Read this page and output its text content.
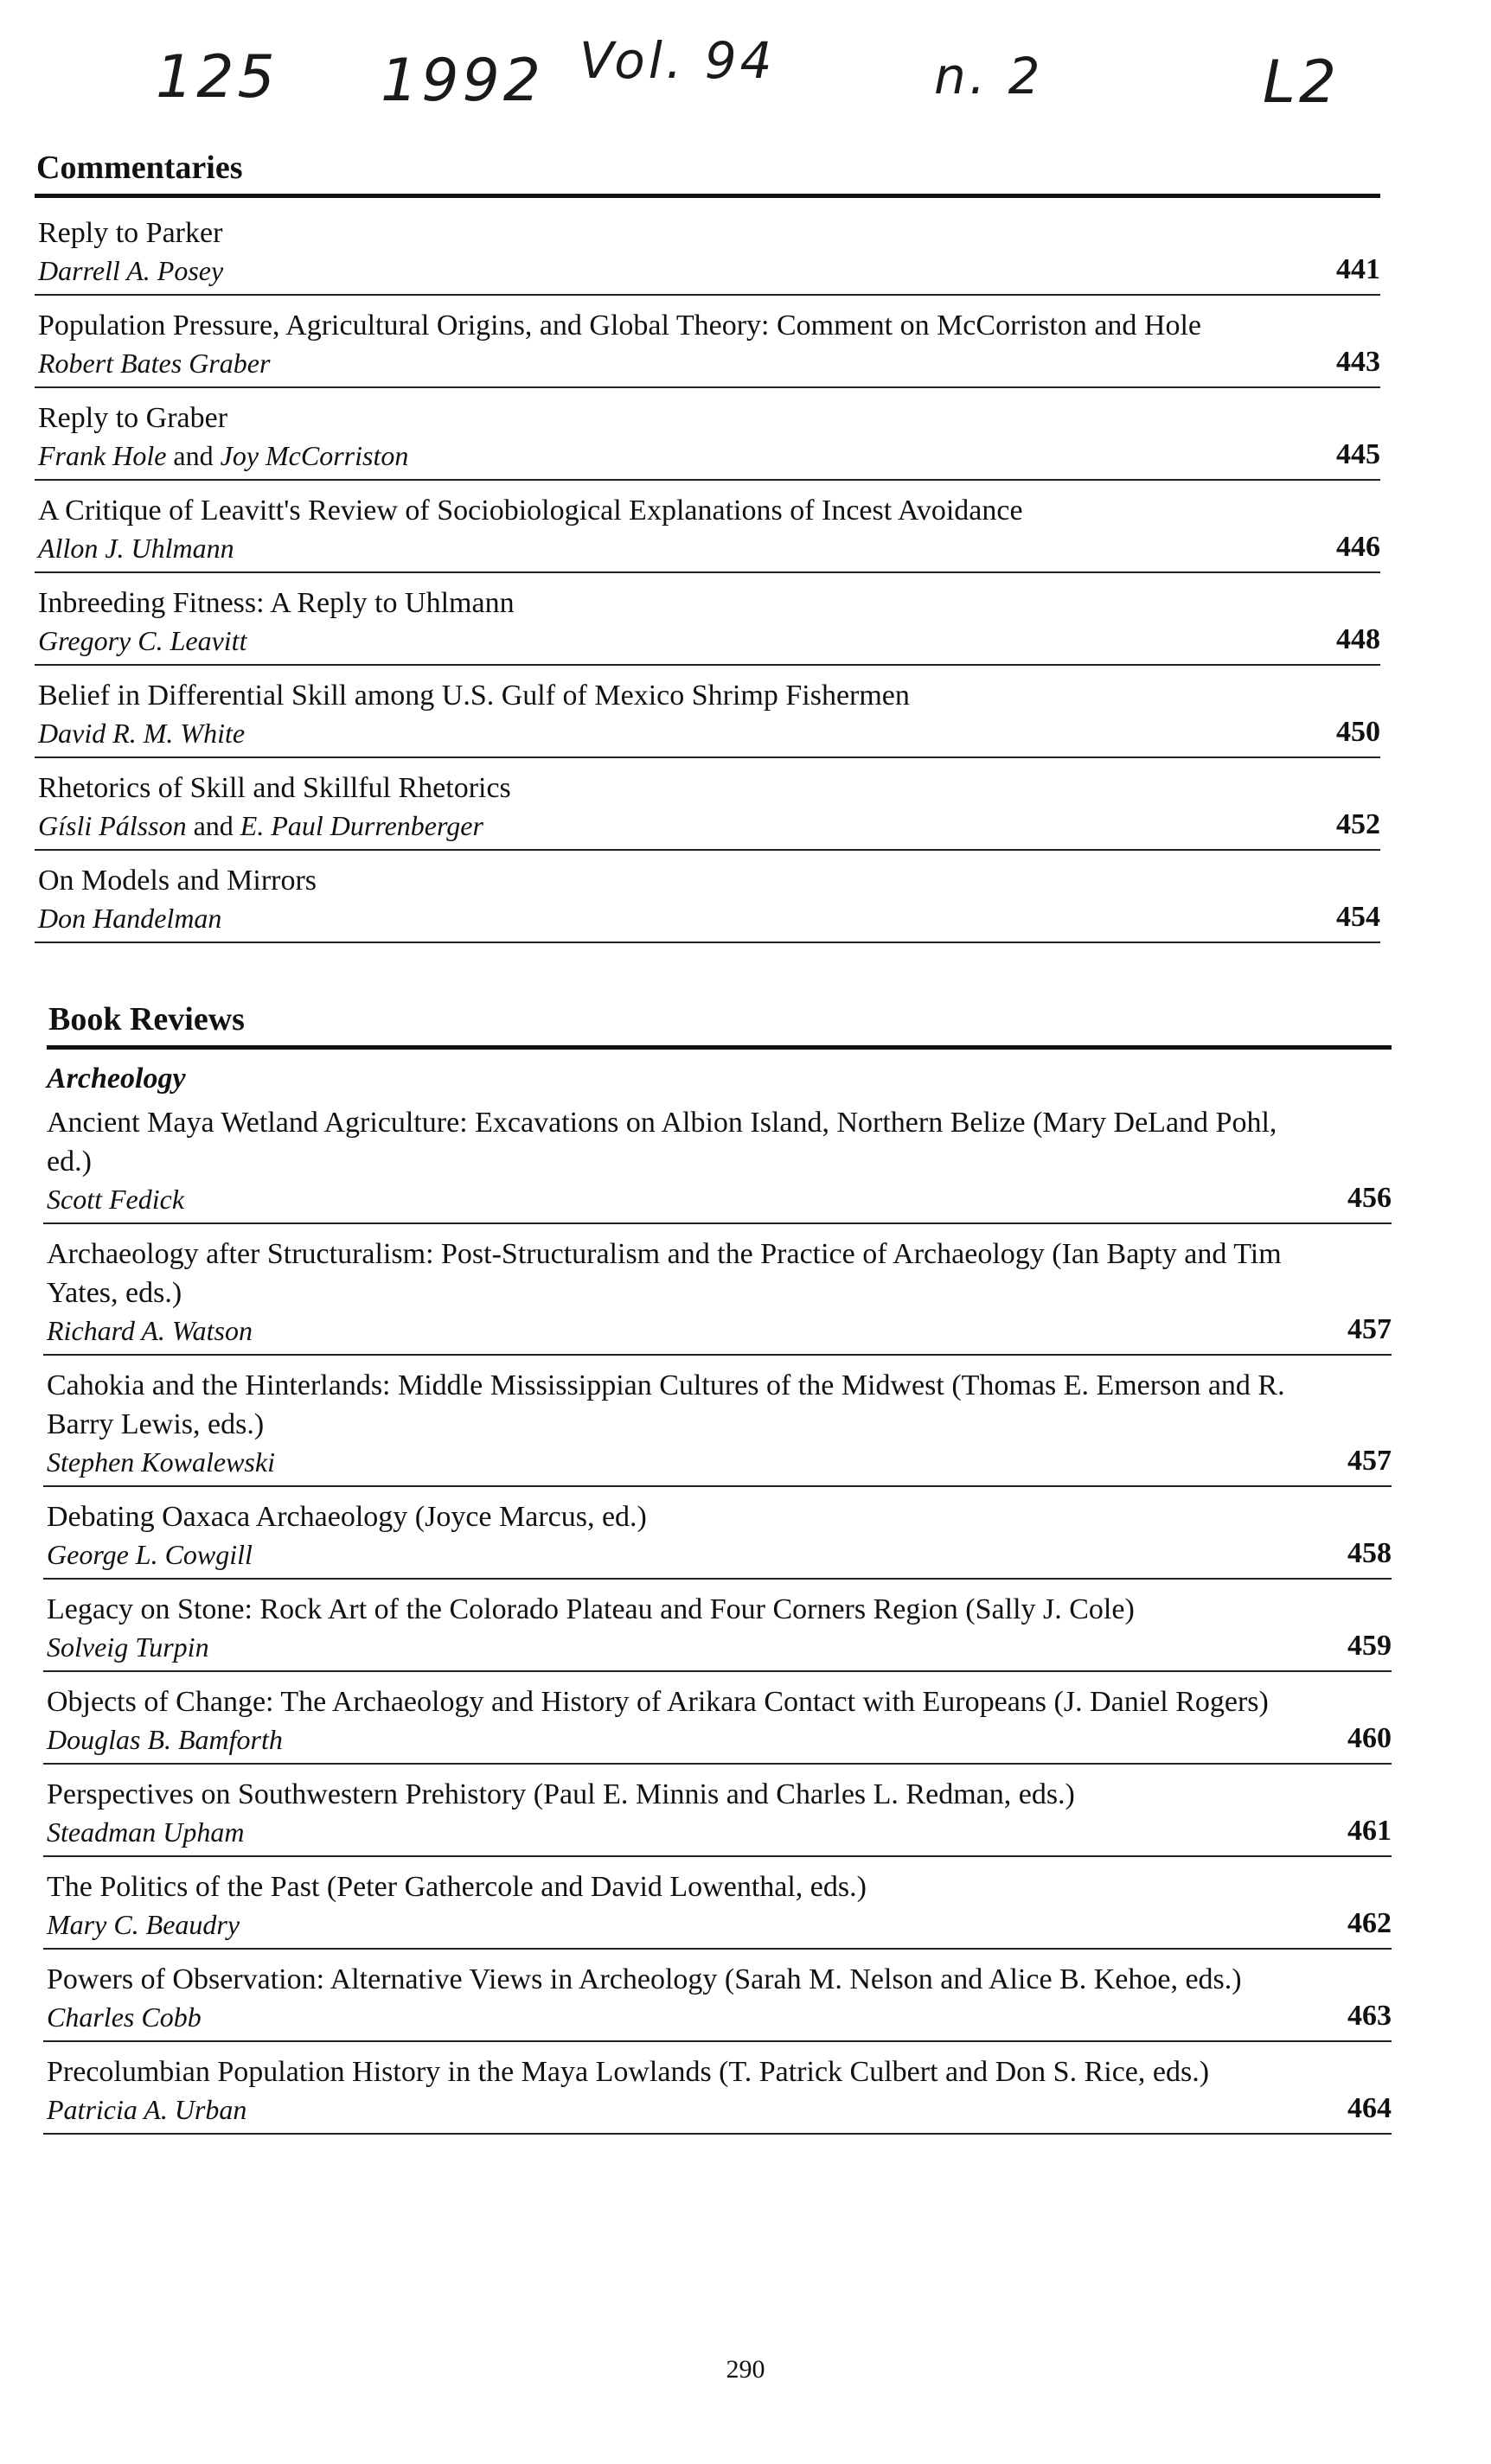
125 1992 Vol. 94	n. 2	L2
Commentaries
Reply to Parker
Darrell A. Posey	441
Population Pressure, Agricultural Origins, and Global Theory: Comment on McCorriston and Hole
Robert Bates Graber	443
Reply to Graber
Frank Hole and Joy McCorriston	445
A Critique of Leavitt's Review of Sociobiological Explanations of Incest Avoidance
Allon J. Uhlmann	446
Inbreeding Fitness: A Reply to Uhlmann
Gregory C. Leavitt	448
Belief in Differential Skill among U.S. Gulf of Mexico Shrimp Fishermen
David R. M. White	450
Rhetorics of Skill and Skillful Rhetorics
Gísli Pálsson and E. Paul Durrenberger	452
On Models and Mirrors
Don Handelman	454
Book Reviews
Archeology
Ancient Maya Wetland Agriculture: Excavations on Albion Island, Northern Belize (Mary DeLand Pohl, ed.)
Scott Fedick	456
Archaeology after Structuralism: Post-Structuralism and the Practice of Archaeology (Ian Bapty and Tim Yates, eds.)
Richard A. Watson	457
Cahokia and the Hinterlands: Middle Mississippian Cultures of the Midwest (Thomas E. Emerson and R. Barry Lewis, eds.)
Stephen Kowalewski	457
Debating Oaxaca Archaeology (Joyce Marcus, ed.)
George L. Cowgill	458
Legacy on Stone: Rock Art of the Colorado Plateau and Four Corners Region (Sally J. Cole)
Solveig Turpin	459
Objects of Change: The Archaeology and History of Arikara Contact with Europeans (J. Daniel Rogers)
Douglas B. Bamforth	460
Perspectives on Southwestern Prehistory (Paul E. Minnis and Charles L. Redman, eds.)
Steadman Upham	461
The Politics of the Past (Peter Gathercole and David Lowenthal, eds.)
Mary C. Beaudry	462
Powers of Observation: Alternative Views in Archeology (Sarah M. Nelson and Alice B. Kehoe, eds.)
Charles Cobb	463
Precolumbian Population History in the Maya Lowlands (T. Patrick Culbert and Don S. Rice, eds.)
Patricia A. Urban	464
290
